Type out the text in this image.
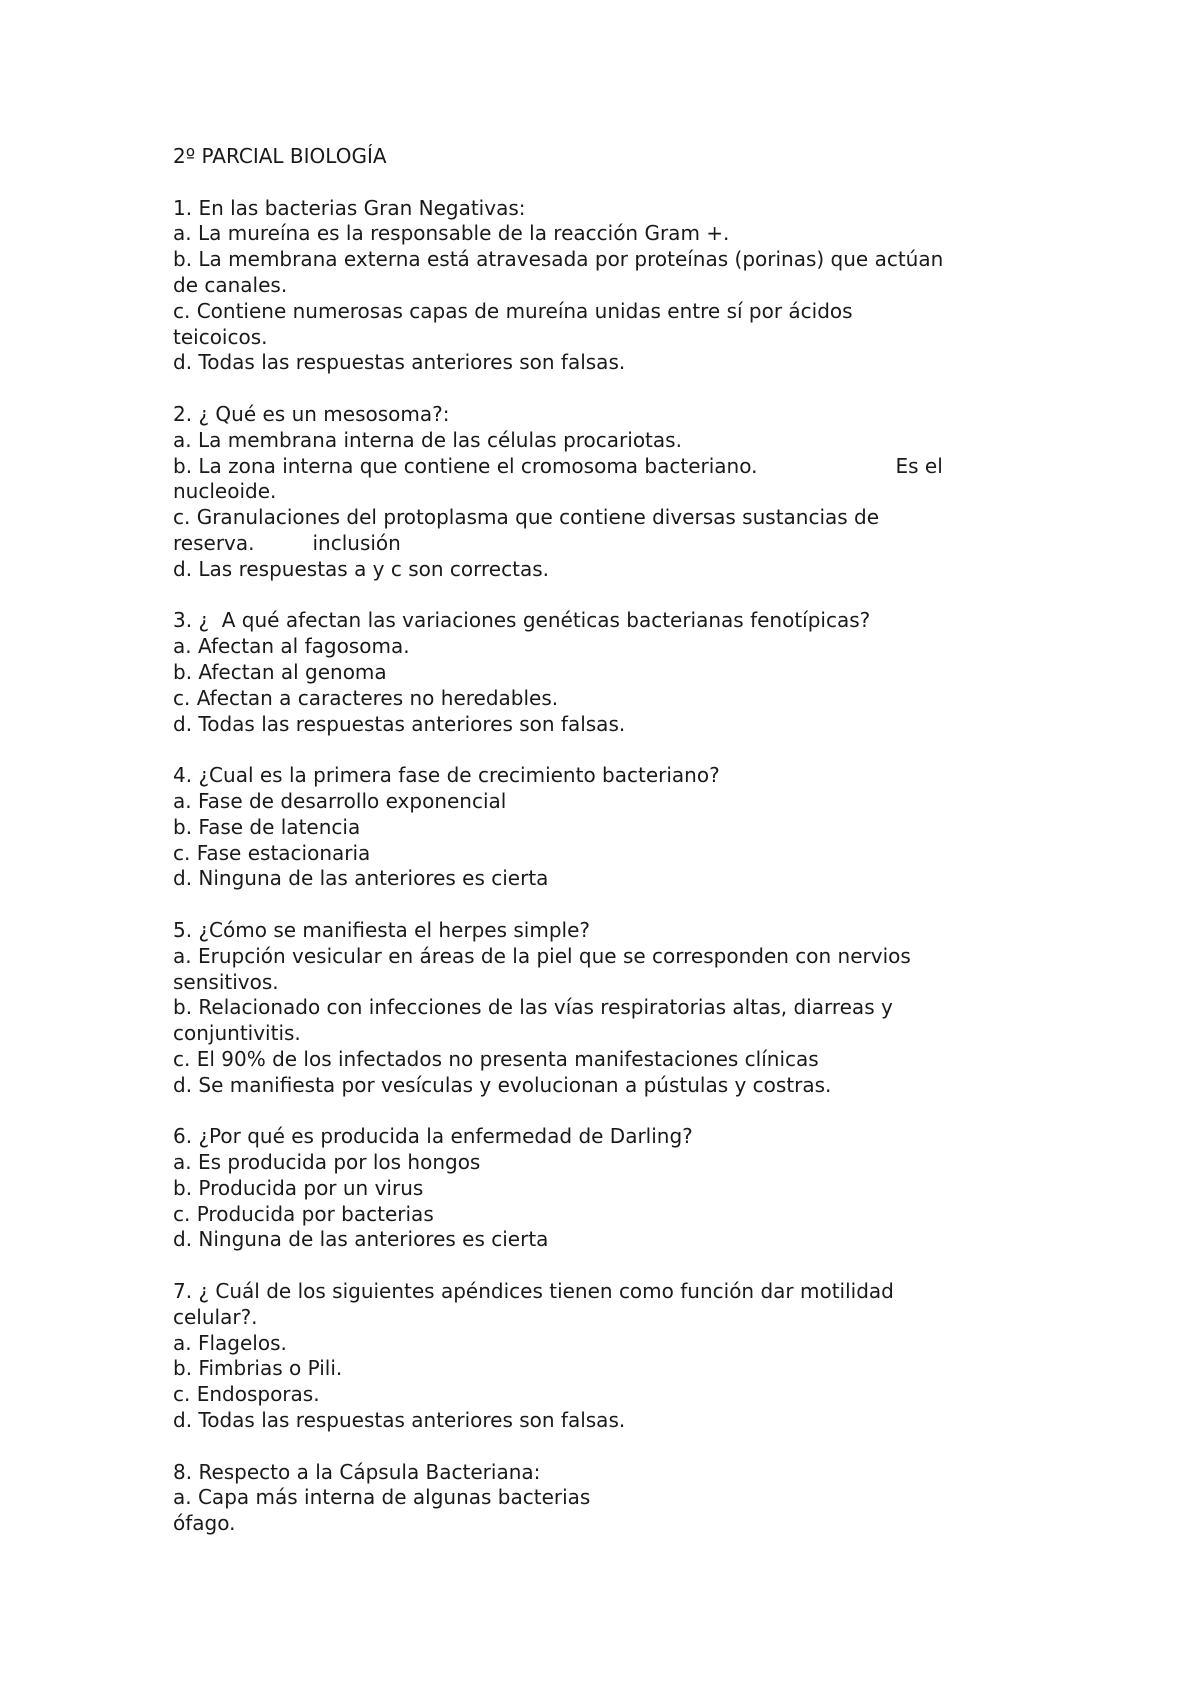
2º PARCIAL BIOLOGÍA
1. En las bacterias Gran Negativas:
a. La mureína es la responsable de la reacción Gram +.
b. La membrana externa está atravesada por proteínas (porinas) que actúan
de canales.
c. Contiene numerosas capas de mureína unidas entre sí por ácidos
teicoicos.
d. Todas las respuestas anteriores son falsas.
2. ¿ Qué es un mesosoma?:
a. La membrana interna de las células procariotas.
b. La zona interna que contiene el cromosoma bacteriano.	Es el
nucleoide.
c. Granulaciones del protoplasma que contiene diversas sustancias de
reserva.	inclusión
d. Las respuestas a y c son correctas.
3. ¿  A qué afectan las variaciones genéticas bacterianas fenotípicas?
a. Afectan al fagosoma.
b. Afectan al genoma
c. Afectan a caracteres no heredables.
d. Todas las respuestas anteriores son falsas.
4. ¿Cual es la primera fase de crecimiento bacteriano?
a. Fase de desarrollo exponencial
b. Fase de latencia
c. Fase estacionaria
d. Ninguna de las anteriores es cierta
5. ¿Cómo se manifiesta el herpes simple?
a. Erupción vesicular en áreas de la piel que se corresponden con nervios
sensitivos.
b. Relacionado con infecciones de las vías respiratorias altas, diarreas y
conjuntivitis.
c. El 90% de los infectados no presenta manifestaciones clínicas
d. Se manifiesta por vesículas y evolucionan a pústulas y costras.
6. ¿Por qué es producida la enfermedad de Darling?
a. Es producida por los hongos
b. Producida por un virus
c. Producida por bacterias
d. Ninguna de las anteriores es cierta
7. ¿ Cuál de los siguientes apéndices tienen como función dar motilidad
celular?.
a. Flagelos.
b. Fimbrias o Pili.
c. Endosporas.
d. Todas las respuestas anteriores son falsas.
8. Respecto a la Cápsula Bacteriana:
a. Capa más interna de algunas bacterias
ófago.
